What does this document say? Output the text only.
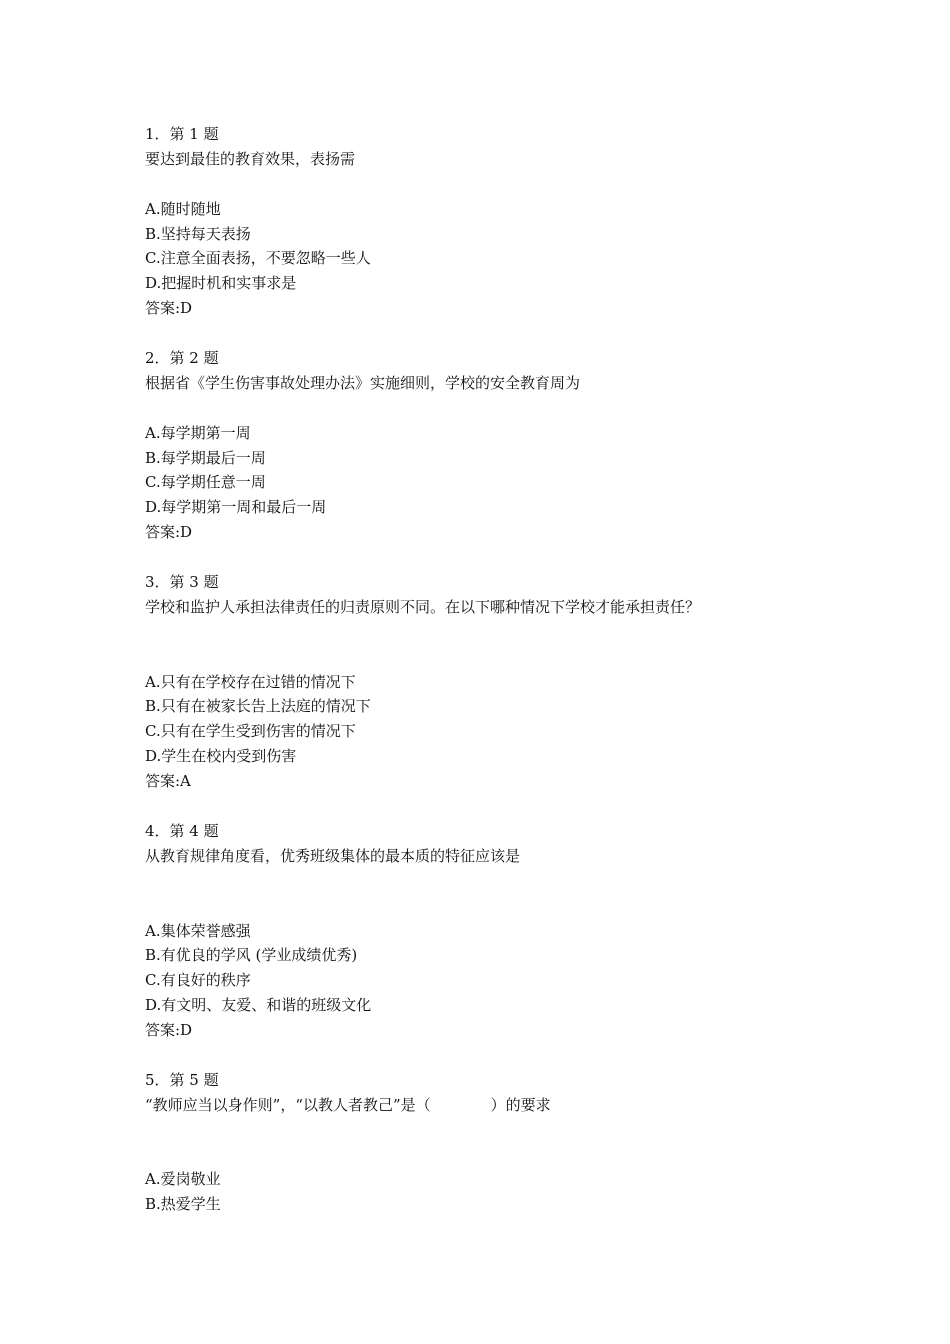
1．第 1 题
要达到最佳的教育效果，表扬需
A.随时随地
B.坚持每天表扬
C.注意全面表扬，不要忽略一些人
D.把握时机和实事求是
答案:D
2．第 2 题
根据省《学生伤害事故处理办法》实施细则，学校的安全教育周为
A.每学期第一周
B.每学期最后一周
C.每学期任意一周
D.每学期第一周和最后一周
答案:D
3．第 3 题
学校和监护人承担法律责任的归责原则不同。在以下哪种情况下学校才能承担责任？
A.只有在学校存在过错的情况下
B.只有在被家长告上法庭的情况下
C.只有在学生受到伤害的情况下
D.学生在校内受到伤害
答案:A
4．第 4 题
从教育规律角度看，优秀班级集体的最本质的特征应该是
A.集体荣誉感强
B.有优良的学风 (学业成绩优秀)
C.有良好的秩序
D.有文明、友爱、和谐的班级文化
答案:D
5．第 5 题
“教师应当以身作则”，“以教人者教己”是（　　　　）的要求
A.爱岗敬业
B.热爱学生
